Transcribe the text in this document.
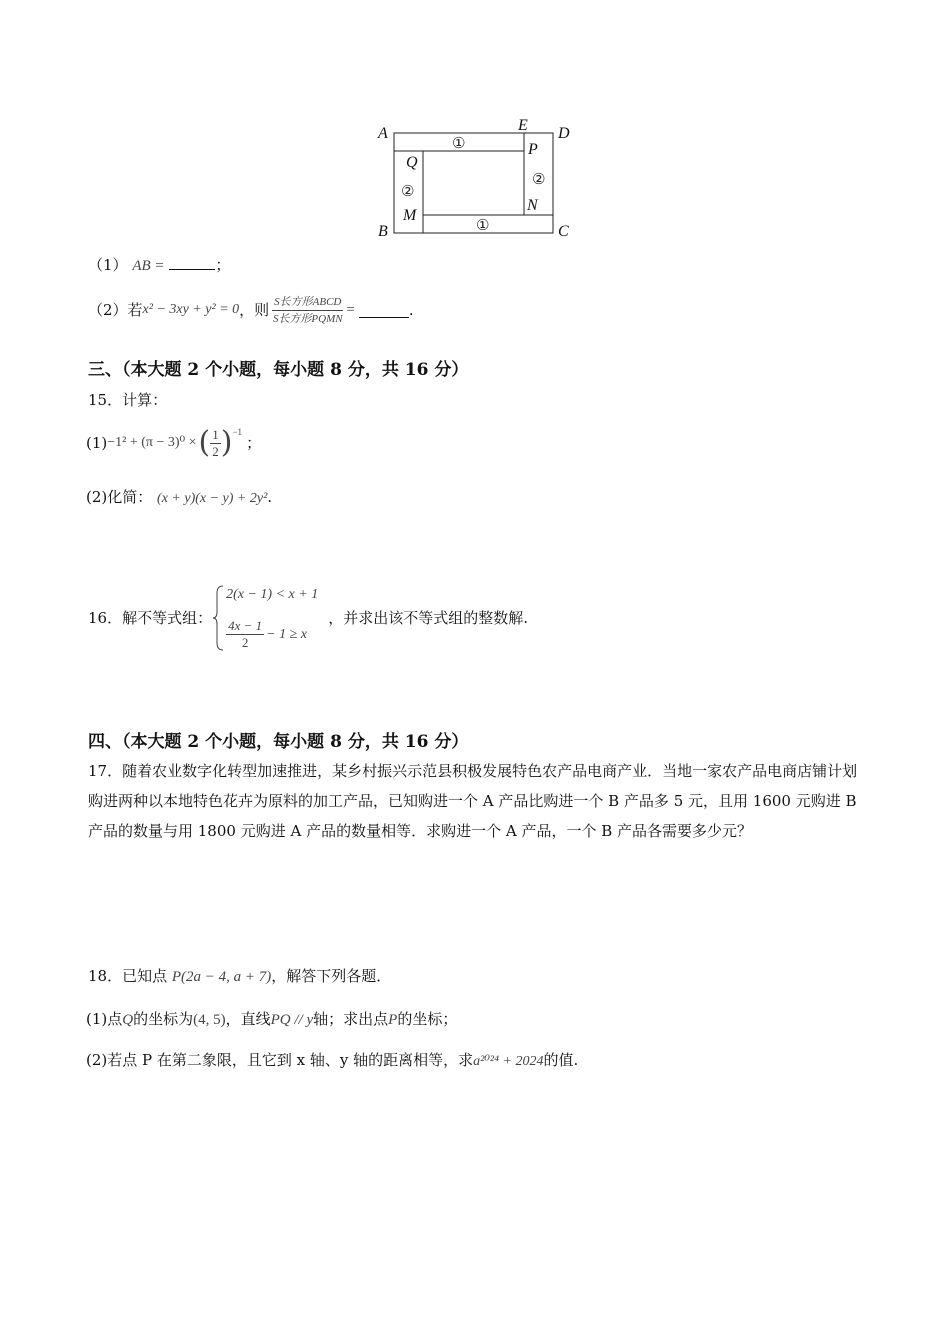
A	E D
Q
P
M
N
B	C
①
②
②
①
（1） AB =	；
（2）若 x² − 3xy + y² = 0 ，则 $\frac{\text{S长方形ABCD}}{\text{S长方形PQMN}}$ =	.
三、（本大题 2 个小题，每小题 8 分，共 16 分）
15．计算：
(1) −1² + (π − 3)⁰ × ( $\frac{1}{2} )^{-1}$
；
(2)化简： (x + y)(x − y) + 2y².
16．解不等式组：
2(x − 1) < x + 1
$\frac{4x - 1}{2} - 1 \ge x$
，并求出该不等式组的整数解.
四、（本大题 2 个小题，每小题 8 分，共 16 分）
17．随着农业数字化转型加速推进，某乡村振兴示范县积极发展特色农产品电商产业．当地一家农产品电商店铺计划购进两种以本地特色花卉为原料的加工产品，已知购进一个 A 产品比购进一个 B 产品多 5 元，且用 1600 元购进 B 产品的数量与用 1800 元购进 A 产品的数量相等．求购进一个 A 产品，一个 B 产品各需要多少元？
18．已知点 P(2a − 4, a + 7)，解答下列各题．
(1)点Q的坐标为(4, 5)，直线PQ // y轴；求出点P的坐标；
(2)若点 P 在第二象限，且它到 x 轴、y 轴的距离相等，求a²⁰²⁴ + 2024的值.
